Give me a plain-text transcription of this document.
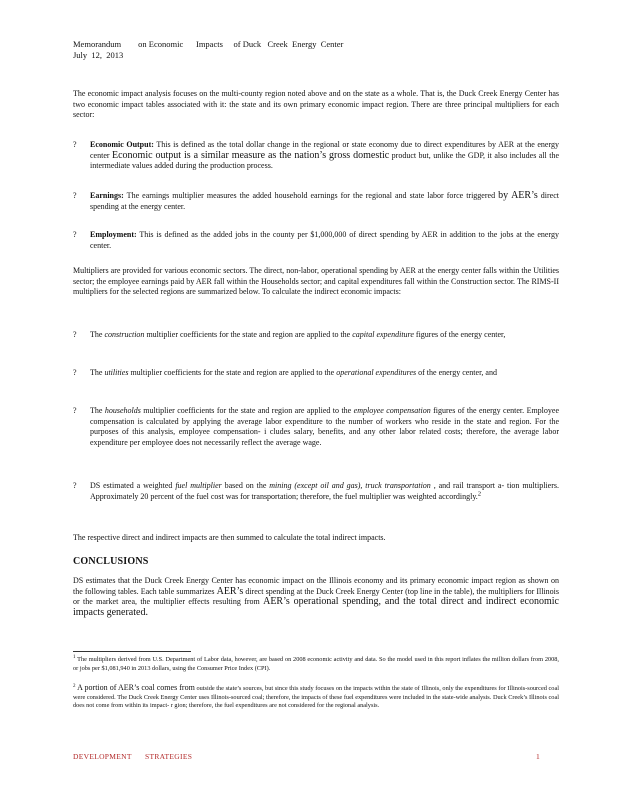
Memorandum        on Economic      Impacts     of Duck   Creek  Energy  Center
July  12,  2013
The economic impact analysis focuses on the multi-county region noted above and on the state as a whole. That is, the Duck Creek Energy Center has two economic impact tables associated with it: the state and its own primary economic impact region. There are three principal multipliers for each sector:
?	Economic Output: This is defined as the total dollar change in the regional or state economy due to direct expenditures by AER at the energy center Economic output is a similar measure as the nation’s gross domestic product but, unlike the GDP, it also includes all the intermediate values added during the production process.
?	Earnings: The earnings multiplier measures the added household earnings for the regional and state labor force triggered by AER’s direct spending at the energy center.
?	Employment: This is defined as the added jobs in the county per $1,000,000 of direct spending by AER in addition to the jobs at the energy center.
Multipliers are provided for various economic sectors. The direct, non-labor, operational spending by AER at the energy center falls within the Utilities sector; the employee earnings paid by AER fall within the Households sector; and capital expenditures fall within the Construction sector. The RIMS-II multipliers for the selected regions are summarized below. To calculate the indirect economic impacts:
?	The construction multiplier coefficients for the state and region are applied to the capital expenditure figures of the energy center,
?	The utilities multiplier coefficients for the state and region are applied to the operational expenditures of the energy center, and
?	The households multiplier coefficients for the state and region are applied to the employee compensation figures of the energy center. Employee compensation is calculated by applying the average labor expenditure to the number of workers who reside in the state and region. For the purposes of this analysis, employee compensation- i cludes salary, benefits, and any other labor related costs; therefore, the average labor expenditure per employee does not necessarily reflect the average wage.
?	DS estimated a weighted fuel multiplier based on the mining (except oil and gas), truck transportation , and rail transport a- tion multipliers. Approximately 20 percent of the fuel cost was for transportation; therefore, the fuel multiplier was weighted accordingly.$^2$
The respective direct and indirect impacts are then summed to calculate the total indirect impacts.
CONCLUSIONS
DS estimates that the Duck Creek Energy Center has economic impact on the Illinois economy and its primary economic impact region as shown on the following tables. Each table summarizes AER’s direct spending at the Duck Creek Energy Center (top line in the table), the multipliers for Illinois or the market area, the multiplier effects resulting from AER’s operational spending, and the total direct and indirect economic impacts generated.
$^1$ The multipliers derived from U.S. Department of Labor data, however, are based on 2008 economic activity and data. So the model used in this report inflates the million dollars from 2008, or jobs per $1,081,940 in 2013 dollars, using the Consumer Price Index (CPI).
$^2$ A portion of AER’s coal comes from outside the state’s sources, but since this study focuses on the impacts within the state of Illinois, only the expenditures for Illinois-sourced coal were considered. The Duck Creek Energy Center uses Illinois-sourced coal; therefore, the impacts of these fuel expenditures were included in the state-wide analysis. Duck Creek’s Illinois coal does not come from within its impact- r gion; therefore, the fuel expenditures are not considered for the regional analysis.
DEVELOPMENT STRATEGIES	1
